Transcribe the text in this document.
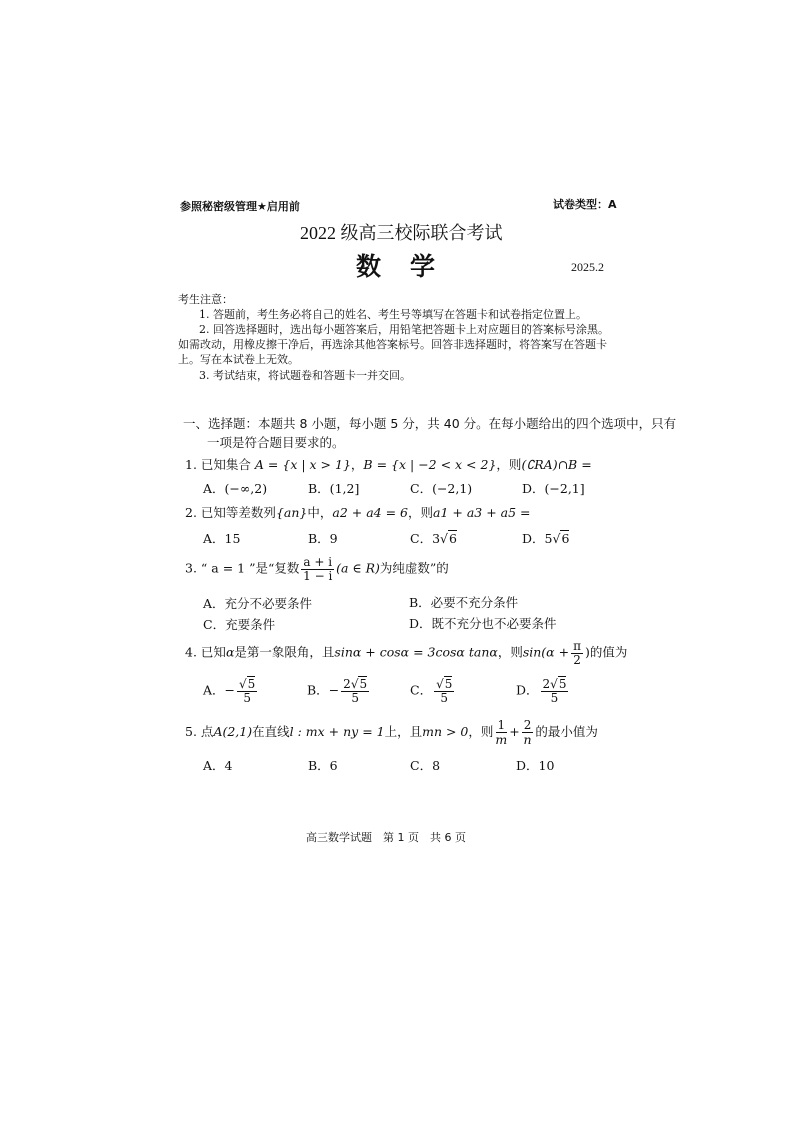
参照秘密级管理★启用前	试卷类型：A
2022 级高三校际联合考试
数　学	2025.2
考生注意：
1. 答题前，考生务必将自己的姓名、考生号等填写在答题卡和试卷指定位置上。
2. 回答选择题时，选出每小题答案后，用铅笔把答题卡上对应题目的答案标号涂黑。
如需改动，用橡皮擦干净后，再选涂其他答案标号。回答非选择题时，将答案写在答题卡
上。写在本试卷上无效。
3. 考试结束，将试题卷和答题卡一并交回。
一、选择题：本题共 8 小题，每小题 5 分，共 40 分。在每小题给出的四个选项中，只有
一项是符合题目要求的。
1. 已知集合 A = {x | x > 1}，B = {x | −2 < x < 2}，则(∁RA)∩B =
A．(−∞,2)	B．(1,2]	C．(−2,1)	D．(−2,1]
2. 已知等差数列{an}中，a2 + a4 = 6，则a1 + a3 + a5 =
A．15	B．9	C．3√6	D．5√6
3. “ a = 1 ”是“复数 $\frac{a + i}{1 - i} (a$ ∈ R)为纯虚数”的
A．充分不必要条件	B．必要不充分条件
C．充要条件	D．既不充分也不必要条件
4. 已知α是第一象限角，且sinα + cosα = 3cosα tanα，则$\sin(\alpha + \frac{\pi}{2}$ )的值为
A．− $\frac{√5}{5}$	B．− $\frac{2√5}{5}$	C． $\frac{√5}{5}$	D． $\frac{2√5}{5}$
5. 点A(2,1)在直线l : mx + ny = 1上，且mn > 0，则 $\frac{1}{m} + \frac{2}{n}$ 的最小值为
A．4	B．6	C．8	D．10
高三数学试题　第 1 页　共 6 页
